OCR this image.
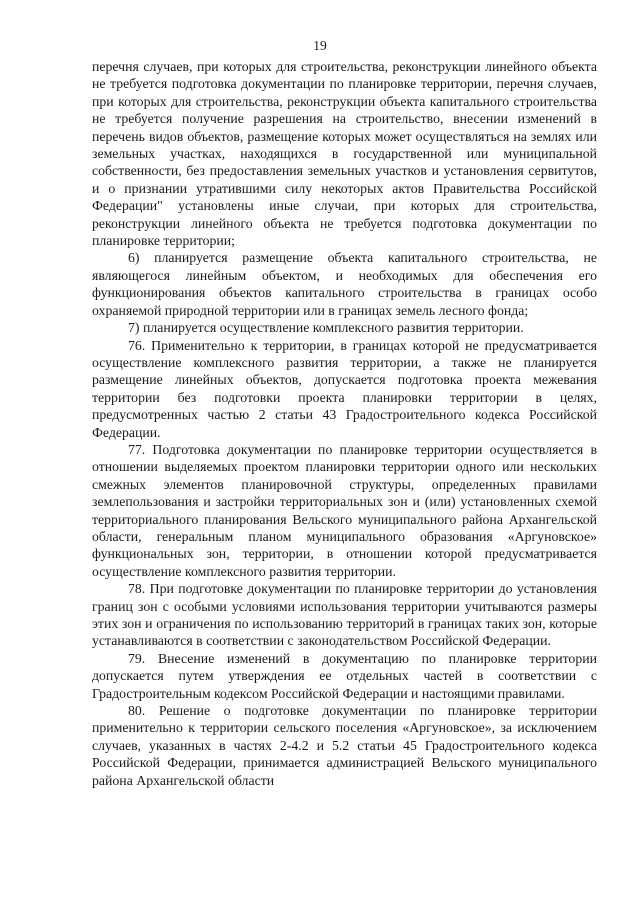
19

перечня случаев, при которых для строительства, реконструкции линейного объекта не требуется подготовка документации по планировке территории, перечня случаев, при которых для строительства, реконструкции объекта капитального строительства не требуется получение разрешения на строительство, внесении изменений в перечень видов объектов, размещение которых может осуществляться на землях или земельных участках, находящихся в государственной или муниципальной собственности, без предоставления земельных участков и установления сервитутов, и о признании утратившими силу некоторых актов Правительства Российской Федерации" установлены иные случаи, при которых для строительства, реконструкции линейного объекта не требуется подготовка документации по планировке территории;

6) планируется размещение объекта капитального строительства, не являющегося линейным объектом, и необходимых для обеспечения его функционирования объектов капитального строительства в границах особо охраняемой природной территории или в границах земель лесного фонда;

7) планируется осуществление комплексного развития территории.

76. Применительно к территории, в границах которой не предусматривается осуществление комплексного развития территории, а также не планируется размещение линейных объектов, допускается подготовка проекта межевания территории без подготовки проекта планировки территории в целях, предусмотренных частью 2 статьи 43 Градостроительного кодекса Российской Федерации.

77. Подготовка документации по планировке территории осуществляется в отношении выделяемых проектом планировки территории одного или нескольких смежных элементов планировочной структуры, определенных правилами землепользования и застройки территориальных зон и (или) установленных схемой территориального планирования Вельского муниципального района Архангельской области, генеральным планом муниципального образования «Аргуновское» функциональных зон, территории, в отношении которой предусматривается осуществление комплексного развития территории.

78. При подготовке документации по планировке территории до установления границ зон с особыми условиями использования территории учитываются размеры этих зон и ограничения по использованию территорий в границах таких зон, которые устанавливаются в соответствии с законодательством Российской Федерации.

79. Внесение изменений в документацию по планировке территории допускается путем утверждения ее отдельных частей в соответствии с Градостроительным кодексом Российской Федерации и настоящими правилами.

80. Решение о подготовке документации по планировке территории применительно к территории сельского поселения «Аргуновское», за исключением случаев, указанных в частях 2-4.2 и 5.2 статьи 45 Градостроительного кодекса Российской Федерации, принимается администрацией Вельского муниципального района Архангельской области
